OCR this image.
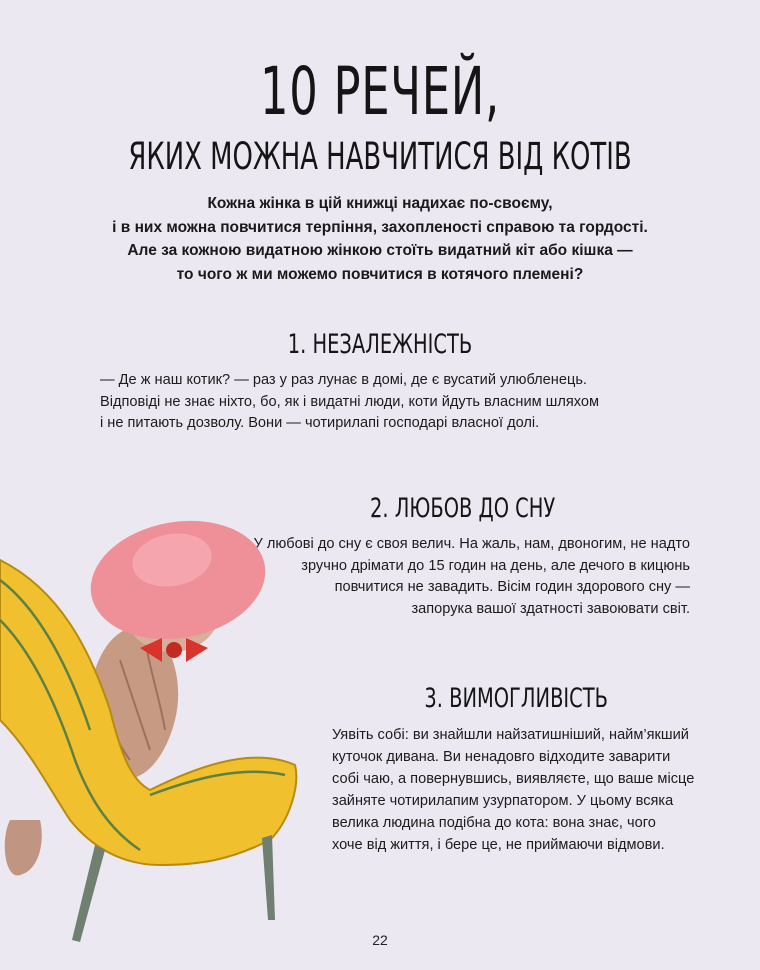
10 РЕЧЕЙ,
ЯКИХ МОЖНА НАВЧИТИСЯ ВІД КОТІВ
Кожна жінка в цій книжці надихає по-своєму,
і в них можна повчитися терпіння, захопленості справою та гордості.
Але за кожною видатною жінкою стоїть видатний кіт або кішка —
то чого ж ми можемо повчитися в котячого племені?
1. НЕЗАЛЕЖНІСТЬ
— Де ж наш котик? — раз у раз лунає в домі, де є вусатий улюбленець.
Відповіді не знає ніхто, бо, як і видатні люди, коти йдуть власним шляхом
і не питають дозволу. Вони — чотирилапі господарі власної долі.
2. ЛЮБОВ ДО СНУ
У любові до сну є своя велич. На жаль, нам, двоногим, не надто
зручно дрімати до 15 годин на день, але дечого в кицюнь
повчитися не завадить. Вісім годин здорового сну —
запорука вашої здатності завоювати світ.
3. ВИМОГЛИВІСТЬ
Уявіть собі: ви знайшли найзатишніший, найм’якший
куточок дивана. Ви ненадовго відходите заварити
собі чаю, а повернувшись, виявляєте, що ваше місце
зайняте чотирилапим узурпатором. У цьому всяка
велика людина подібна до кота: вона знає, чого
хоче від життя, і бере це, не приймаючи відмови.
22
